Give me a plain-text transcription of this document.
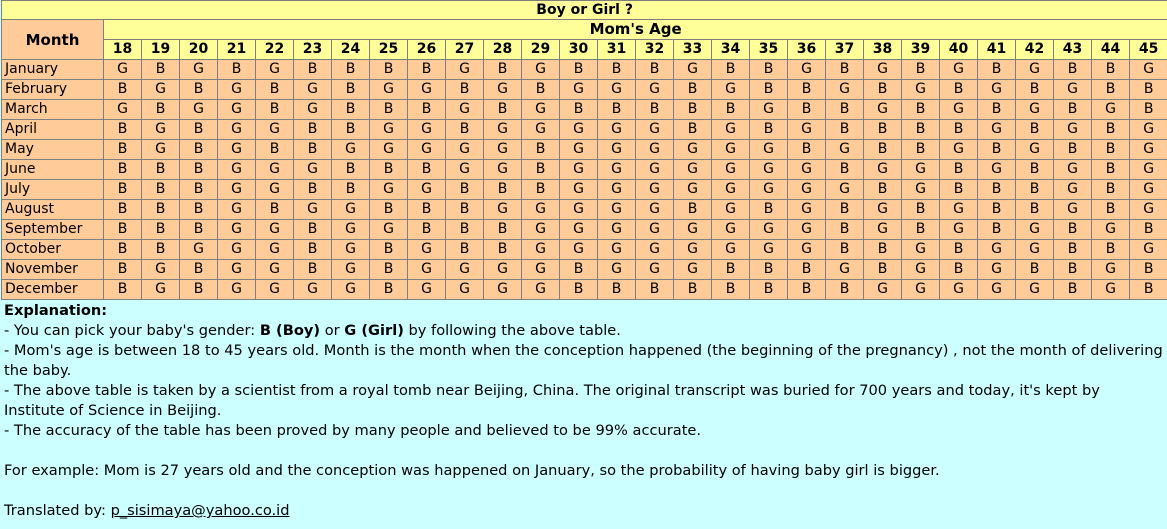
Boy or Girl ?																												
Month	Mom's Age																											
	18	19	20	21	22	23	24	25	26	27	28	29	30	31	32	33	34	35	36	37	38	39	40	41	42	43	44	45
January	G	B	G	B	G	B	B	B	B	G	B	G	B	B	B	G	B	B	G	B	G	B	G	B	G	B	B	G
February	B	G	B	G	B	G	B	G	G	B	G	B	G	G	G	B	G	B	B	G	B	G	B	G	B	G	B	B
March	G	B	G	G	B	G	B	B	B	G	B	G	B	B	B	B	B	G	B	B	G	B	G	B	G	B	G	B
April	B	G	B	G	G	B	B	G	G	B	G	G	G	G	G	B	G	B	G	B	B	B	B	G	B	G	B	G
May	B	G	B	G	B	B	G	G	G	G	G	B	G	G	G	G	G	G	B	G	B	B	G	B	G	B	B	G
June	B	B	B	G	G	G	B	B	B	G	G	B	G	G	G	G	G	G	G	B	G	G	B	G	B	G	B	G
July	B	B	B	G	G	B	B	G	G	B	B	B	G	G	G	G	G	G	G	G	B	G	B	B	B	G	B	G
August	B	B	B	G	B	G	G	B	B	B	G	G	G	G	G	B	G	B	G	B	G	B	G	B	B	G	B	G
September	B	B	B	G	G	B	G	G	B	B	B	G	G	G	G	G	G	G	G	B	G	B	G	B	G	B	G	B
October	B	B	G	G	G	B	G	B	G	B	B	G	G	G	G	G	G	G	G	B	B	G	B	G	G	B	B	G
November	B	G	B	G	G	B	G	B	G	G	G	G	B	G	G	G	B	B	B	G	B	G	B	G	B	B	G	B
December	B	G	B	G	G	G	G	B	G	G	G	G	B	B	B	B	B	B	B	B	G	G	G	G	G	B	G	B

Explanation:

- You can pick your baby's gender: B (Boy) or G (Girl) by following the above table.

- Mom's age is between 18 to 45 years old. Month is the month when the conception happened (the beginning of the pregnancy) , not the month of delivering the baby.

- The above table is taken by a scientist from a royal tomb near Beijing, China. The original transcript was buried for 700 years and today, it's kept by Institute of Science in Beijing.

- The accuracy of the table has been proved by many people and believed to be 99% accurate.

For example: Mom is 27 years old and the conception was happened on January, so the probability of having baby girl is bigger.

Translated by: p_sisimaya@yahoo.co.id
